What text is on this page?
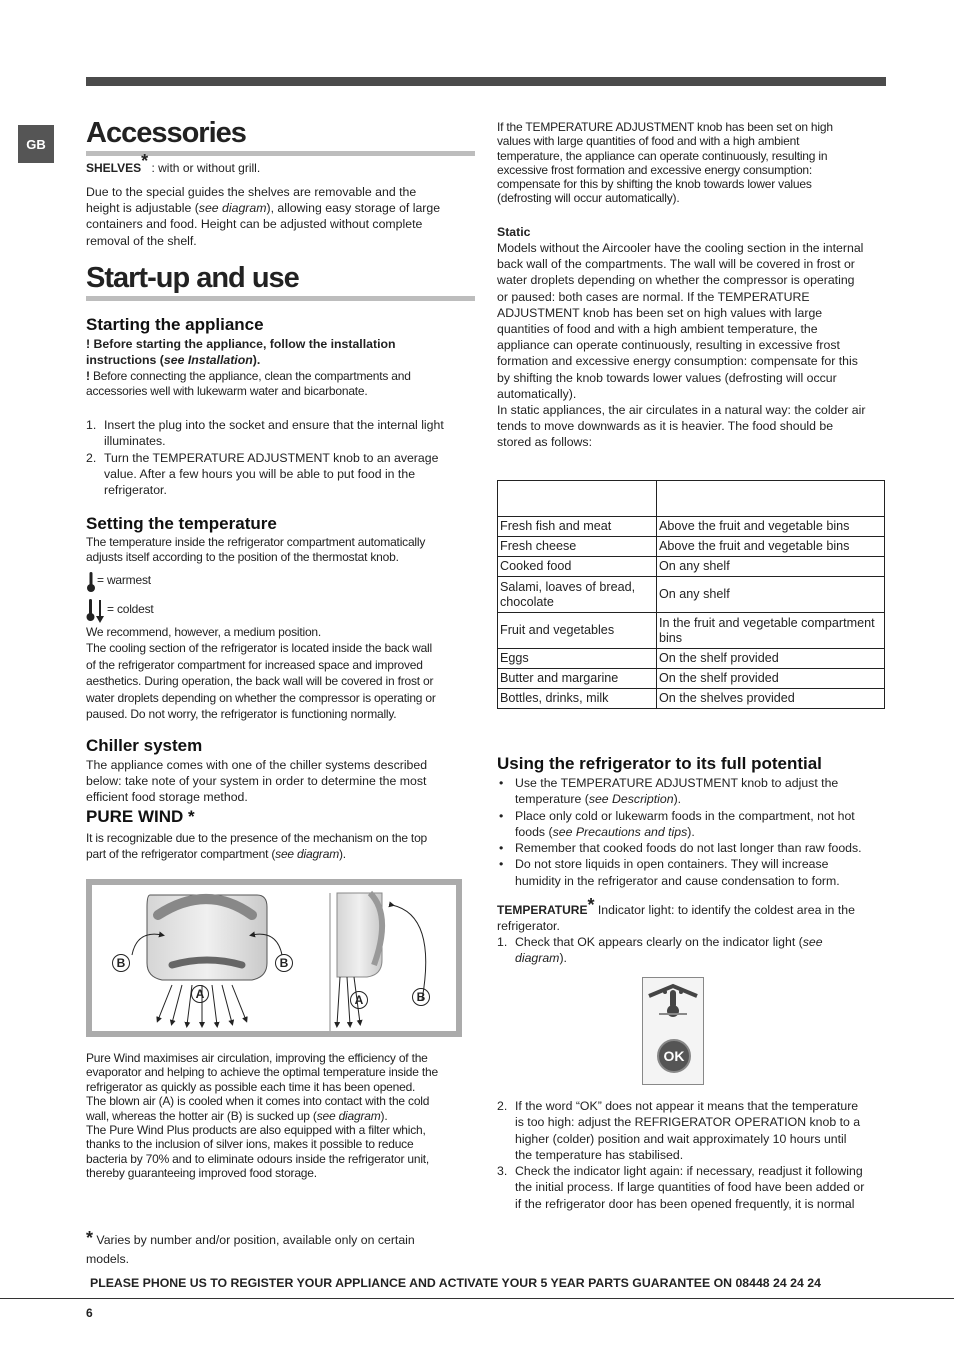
GB Accessories
SHELVES* : with or without grill.
Due to the special guides the shelves are removable and the
height is adjustable (see diagram), allowing easy storage of large
containers and food. Height can be adjusted without complete
removal of the shelf.
Start-up and use
Starting the appliance
! Before starting the appliance, follow the installation
instructions (see Installation).
! Before connecting the appliance, clean the compartments and
accessories well with lukewarm water and bicarbonate.
1. Insert the plug into the socket and ensure that the internal light
illuminates.
2. Turn the TEMPERATURE ADJUSTMENT knob to an average
value. After a few hours you will be able to put food in the
refrigerator.
Setting the temperature
The temperature inside the refrigerator compartment automatically
adjusts itself according to the position of the thermostat knob.
= warmest
= coldest
We recommend, however, a medium position.
The cooling section of the refrigerator is located inside the back wall
of the refrigerator compartment for increased space and improved
aesthetics. During operation, the back wall will be covered in frost or
water droplets depending on whether the compressor is operating or
paused. Do not worry, the refrigerator is functioning normally.
Chiller system
The appliance comes with one of the chiller systems described
below: take note of your system in order to determine the most
efficient food storage method.
PURE WIND *
It is recognizable due to the presence of the mechanism on the top
part of the refrigerator compartment (see diagram).
B	B
A	A	B
Pure Wind maximises air circulation, improving the efficiency of the
evaporator and helping to achieve the optimal temperature inside the
refrigerator as quickly as possible each time it has been opened.
The blown air (A) is cooled when it comes into contact with the cold
wall, whereas the hotter air (B) is sucked up (see diagram).
The Pure Wind Plus products are also equipped with a filter which,
thanks to the inclusion of silver ions, makes it possible to reduce
bacteria by 70% and to eliminate odours inside the refrigerator unit,
thereby guaranteeing improved food storage.
* Varies by number and/or position, available only on certain
models.
If the TEMPERATURE ADJUSTMENT knob has been set on high
values with large quantities of food and with a high ambient
temperature, the appliance can operate continuously, resulting in
excessive frost formation and excessive energy consumption:
compensate for this by shifting the knob towards lower values
(defrosting will occur automatically).
Static
Models without the Aircooler have the cooling section in the internal
back wall of the compartments. The wall will be covered in frost or
water droplets depending on whether the compressor is operating
or paused: both cases are normal. If the TEMPERATURE
ADJUSTMENT knob has been set on high values with large
quantities of food and with a high ambient temperature, the
appliance can operate continuously, resulting in excessive frost
formation and excessive energy consumption: compensate for this
by shifting the knob towards lower values (defrosting will occur
automatically).
In static appliances, the air circulates in a natural way: the colder air
tends to move downwards as it is heavier. The food should be
stored as follows:

Fresh fish and meat	Above the fruit and vegetable bins
Fresh cheese	Above the fruit and vegetable bins
Cooked food	On any shelf
Salami, loaves of bread, chocolate	On any shelf
Fruit and vegetables	In the fruit and vegetable compartment bins
Eggs	On the shelf provided
Butter and margarine	On the shelf provided
Bottles, drinks, milk	On the shelves provided
Using the refrigerator to its full potential
• Use the TEMPERATURE ADJUSTMENT knob to adjust the
temperature (see Description).
• Place only cold or lukewarm foods in the compartment, not hot
foods (see Precautions and tips).
• Remember that cooked foods do not last longer than raw foods.
• Do not store liquids in open containers. They will increase
humidity in the refrigerator and cause condensation to form.
TEMPERATURE* Indicator light: to identify the coldest area in the
refrigerator.
1. Check that OK appears clearly on the indicator light (see
diagram).
OK
2. If the word “OK” does not appear it means that the temperature
is too high: adjust the REFRIGERATOR OPERATION knob to a
higher (colder) position and wait approximately 10 hours until
the temperature has stabilised.
3. Check the indicator light again: if necessary, readjust it following
the initial process. If large quantities of food have been added or
if the refrigerator door has been opened frequently, it is normal
PLEASE PHONE US TO REGISTER YOUR APPLIANCE AND ACTIVATE YOUR 5 YEAR PARTS GUARANTEE ON 08448 24 24 24
6
